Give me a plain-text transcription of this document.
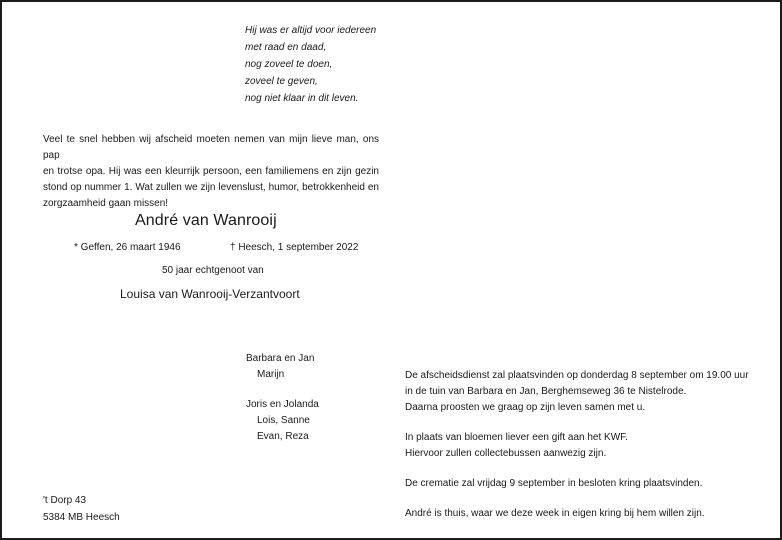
Hij was er altijd voor iedereen
met raad en daad,
nog zoveel te doen,
zoveel te geven,
nog niet klaar in dit leven.
Veel te snel hebben wij afscheid moeten nemen van mijn lieve man, ons pap
en trotse opa. Hij was een kleurrijk persoon, een familiemens en zijn gezin
stond op nummer 1. Wat zullen we zijn levenslust, humor, betrokkenheid en
zorgzaamheid gaan missen!
André van Wanrooij
* Geffen, 26 maart 1946	† Heesch, 1 september 2022
50 jaar echtgenoot van
Louisa van Wanrooij-Verzantvoort
Barbara en Jan
Marijn
Joris en Jolanda
Lois, Sanne
Evan, Reza
De afscheidsdienst zal plaatsvinden op donderdag 8 september om 19.00 uur
in de tuin van Barbara en Jan, Berghemseweg 36 te Nistelrode.
Daarna proosten we graag op zijn leven samen met u.
In plaats van bloemen liever een gift aan het KWF.
Hiervoor zullen collectebussen aanwezig zijn.
De crematie zal vrijdag 9 september in besloten kring plaatsvinden.
André is thuis, waar we deze week in eigen kring bij hem willen zijn.
't Dorp 43
5384 MB Heesch
